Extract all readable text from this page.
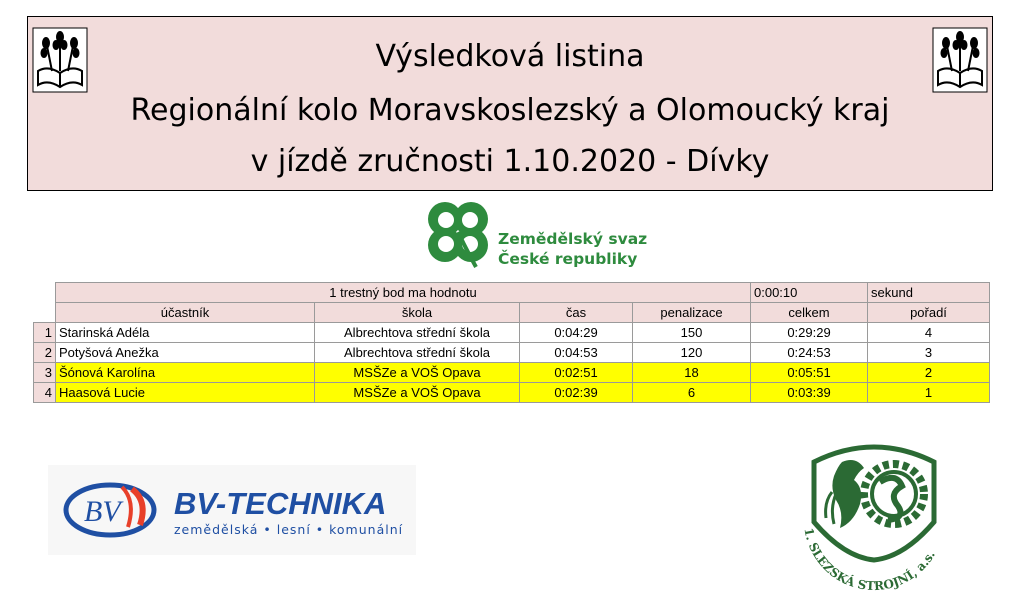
Výsledková listina
Regionální kolo Moravskoslezský a Olomoucký kraj
v jízdě zručnosti 1.10.2020 - Dívky
Zemědělský svaz
České republiky
	1 trestný bod ma hodnotu				0:00:10	sekund
	účastník	škola	čas	penalizace	celkem	pořadí
1	Starinská Adéla	Albrechtova střední škola	0:04:29	150	0:29:29	4
2	Potyšová Anežka	Albrechtova střední škola	0:04:53	120	0:24:53	3
3	Šónová Karolína	MSŠZe a VOŠ Opava	0:02:51	18	0:05:51	2
4	Haasová Lucie	MSŠZe a VOŠ Opava	0:02:39	6	0:03:39	1
BV BV-TECHNIKA
zemědělská • lesní • komunální	1. SLEZSKÁ STROJNÍ, a.s.
